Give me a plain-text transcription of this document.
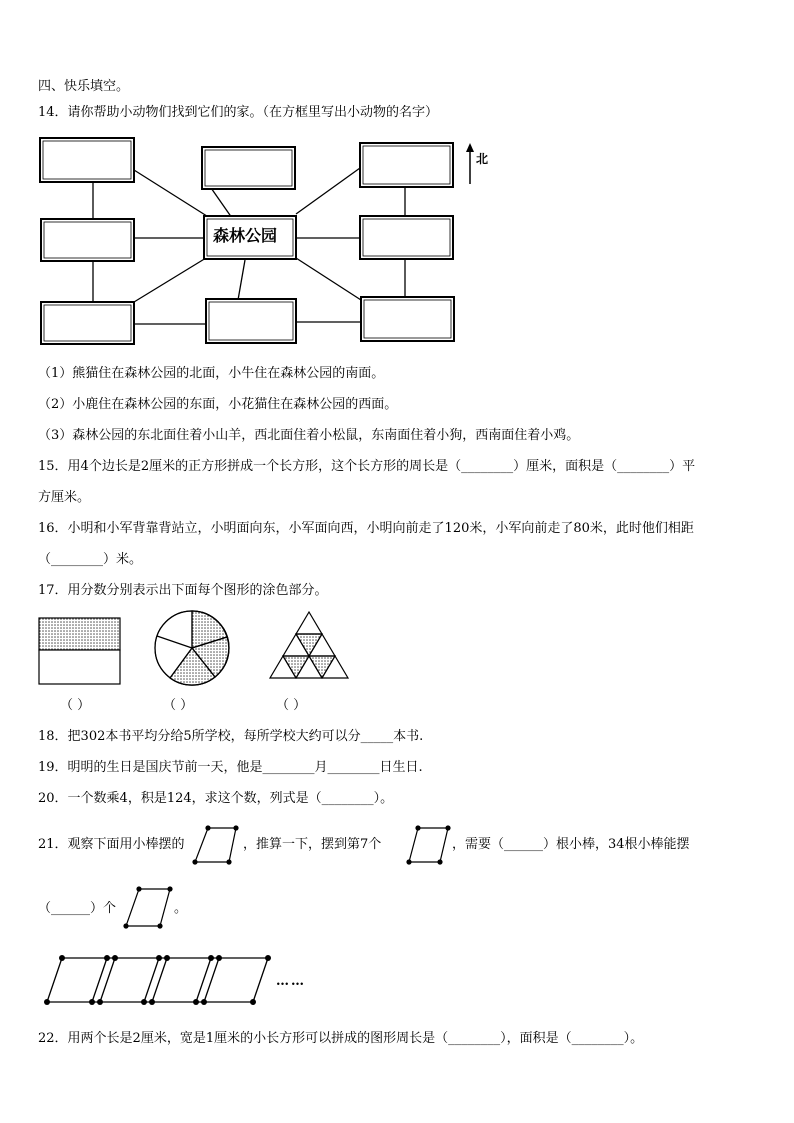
四、快乐填空。
14．请你帮助小动物们找到它们的家。（在方框里写出小动物的名字）
森林公园
北
（1）熊猫住在森林公园的北面，小牛住在森林公园的南面。
（2）小鹿住在森林公园的东面，小花猫住在森林公园的西面。
（3）森林公园的东北面住着小山羊，西北面住着小松鼠，东南面住着小狗，西南面住着小鸡。
15．用4个边长是2厘米的正方形拼成一个长方形，这个长方形的周长是（________）厘米，面积是（________）平
方厘米。
16．小明和小军背靠背站立，小明面向东，小军面向西，小明向前走了120米，小军向前走了80米，此时他们相距
（________）米。
17．用分数分别表示出下面每个图形的涂色部分。
（ ）	（ ）	（ ）
18．把302本书平均分给5所学校，每所学校大约可以分_____本书.
19．明明的生日是国庆节前一天，他是________月________日生日.
20．一个数乘4，积是124，求这个数，列式是（________）。
21．观察下面用小棒摆的	，推算一下，摆到第7个	，需要（______）根小棒，34根小棒能摆
（______）个	。
……
22．用两个长是2厘米，宽是1厘米的小长方形可以拼成的图形周长是（________），面积是（________）。
